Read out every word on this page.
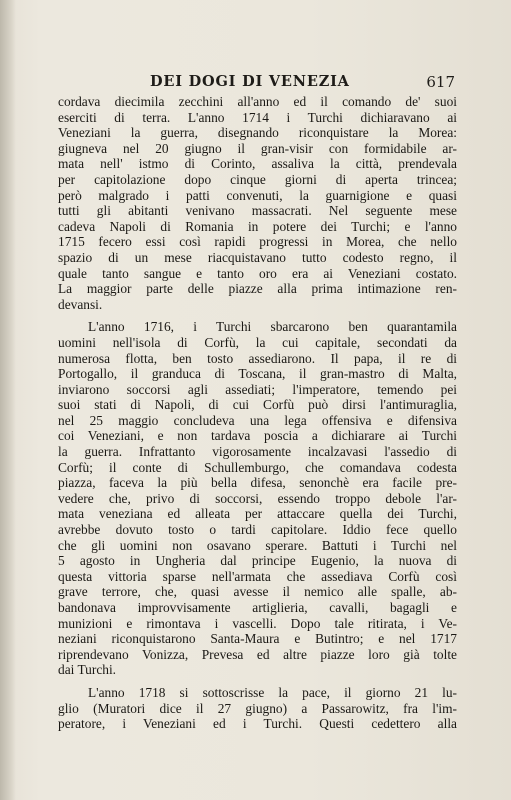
DEI DOGI DI VENEZIA	617

cordava diecimila zecchini all'anno ed il comando de' suoi
eserciti di terra. L'anno 1714 i Turchi dichiaravano ai
Veneziani la guerra, disegnando riconquistare la Morea:
giugneva nel 20 giugno il gran-visir con formidabile ar-
mata nell' istmo di Corinto, assaliva la città, prendevala
per capitolazione dopo cinque giorni di aperta trincea;
però malgrado i patti convenuti, la guarnigione e quasi
tutti gli abitanti venivano massacrati. Nel seguente mese
cadeva Napoli di Romania in potere dei Turchi; e l'anno
1715 fecero essi così rapidi progressi in Morea, che nello
spazio di un mese riacquistavano tutto codesto regno, il
quale tanto sangue e tanto oro era ai Veneziani costato.
La maggior parte delle piazze alla prima intimazione ren-
devansi.

L'anno 1716, i Turchi sbarcarono ben quarantamila
uomini nell'isola di Corfù, la cui capitale, secondati da
numerosa flotta, ben tosto assediarono. Il papa, il re di
Portogallo, il granduca di Toscana, il gran-mastro di Malta,
inviarono soccorsi agli assediati; l'imperatore, temendo pei
suoi stati di Napoli, di cui Corfù può dirsi l'antimuraglia,
nel 25 maggio concludeva una lega offensiva e difensiva
coi Veneziani, e non tardava poscia a dichiarare ai Turchi
la guerra. Infrattanto vigorosamente incalzavasi l'assedio di
Corfù; il conte di Schullemburgo, che comandava codesta
piazza, faceva la più bella difesa, senonchè era facile pre-
vedere che, privo di soccorsi, essendo troppo debole l'ar-
mata veneziana ed alleata per attaccare quella dei Turchi,
avrebbe dovuto tosto o tardi capitolare. Iddio fece quello
che gli uomini non osavano sperare. Battuti i Turchi nel
5 agosto in Ungheria dal principe Eugenio, la nuova di
questa vittoria sparse nell'armata che assediava Corfù così
grave terrore, che, quasi avesse il nemico alle spalle, ab-
bandonava improvvisamente artiglieria, cavalli, bagagli e
munizioni e rimontava i vascelli. Dopo tale ritirata, i Ve-
neziani riconquistarono Santa-Maura e Butintro; e nel 1717
riprendevano Vonizza, Prevesa ed altre piazze loro già tolte
dai Turchi.

L'anno 1718 si sottoscrisse la pace, il giorno 21 lu-
glio (Muratori dice il 27 giugno) a Passarowitz, fra l'im-
peratore, i Veneziani ed i Turchi. Questi cedettero alla
